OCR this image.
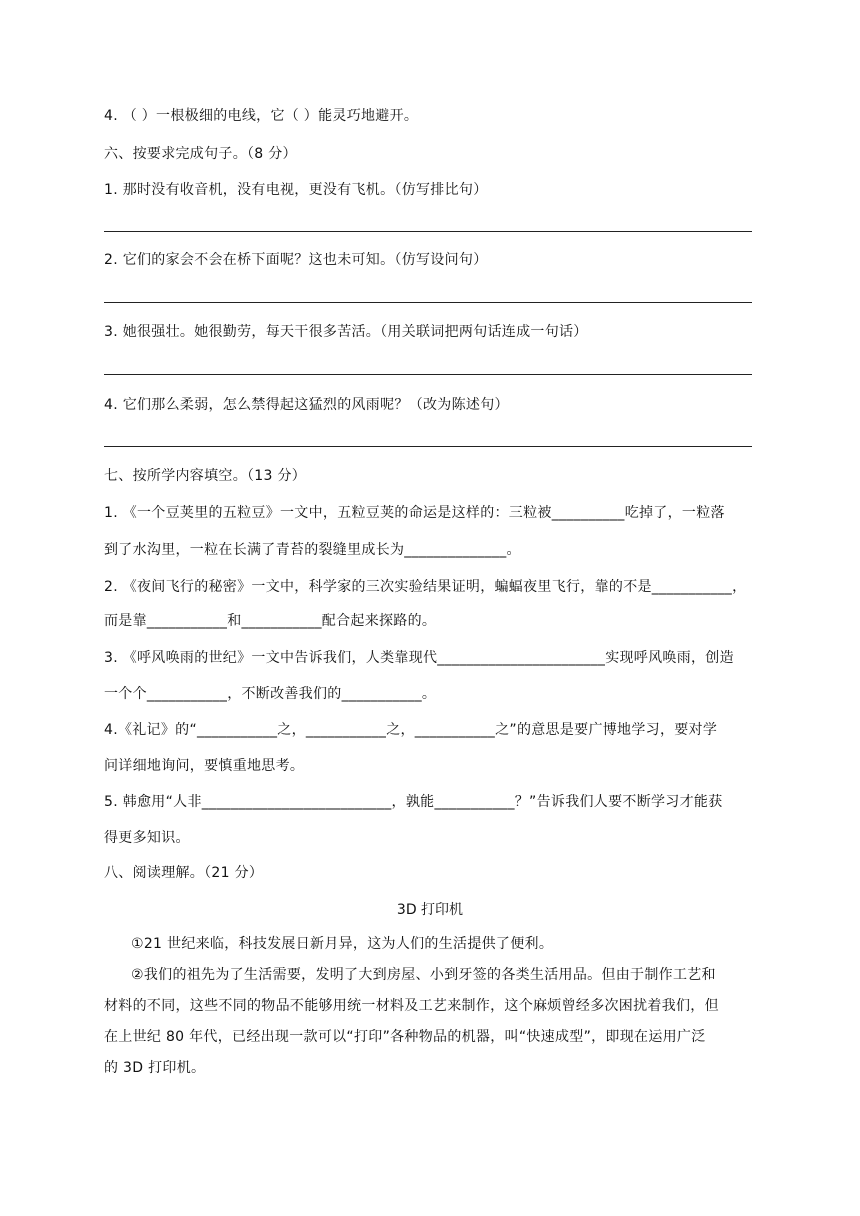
4. （ ）一根极细的电线，它（ ）能灵巧地避开。
六、按要求完成句子。（8 分）
1. 那时没有收音机，没有电视，更没有飞机。（仿写排比句）
2. 它们的家会不会在桥下面呢？这也未可知。（仿写设问句）
3. 她很强壮。她很勤劳，每天干很多苦活。（用关联词把两句话连成一句话）
4. 它们那么柔弱，怎么禁得起这猛烈的风雨呢？（改为陈述句）
七、按所学内容填空。（13 分）
1. 《一个豆荚里的五粒豆》一文中，五粒豆荚的命运是这样的：三粒被__________吃掉了，一粒落
到了水沟里，一粒在长满了青苔的裂缝里成长为______________。
2. 《夜间飞行的秘密》一文中，科学家的三次实验结果证明，蝙蝠夜里飞行，靠的不是___________，
而是靠___________和___________配合起来探路的。
3. 《呼风唤雨的世纪》一文中告诉我们，人类靠现代_______________________实现呼风唤雨，创造
一个个___________，不断改善我们的___________。
4.《礼记》的“___________之，___________之，___________之”的意思是要广博地学习，要对学
问详细地询问，要慎重地思考。
5. 韩愈用“人非__________________________，孰能___________？”告诉我们人要不断学习才能获
得更多知识。
八、阅读理解。（21 分）
3D 打印机
①21 世纪来临，科技发展日新月异，这为人们的生活提供了便利。
②我们的祖先为了生活需要，发明了大到房屋、小到牙签的各类生活用品。但由于制作工艺和
材料的不同，这些不同的物品不能够用统一材料及工艺来制作，这个麻烦曾经多次困扰着我们，但
在上世纪 80 年代，已经出现一款可以“打印”各种物品的机器，叫“快速成型”，即现在运用广泛
的 3D 打印机。
